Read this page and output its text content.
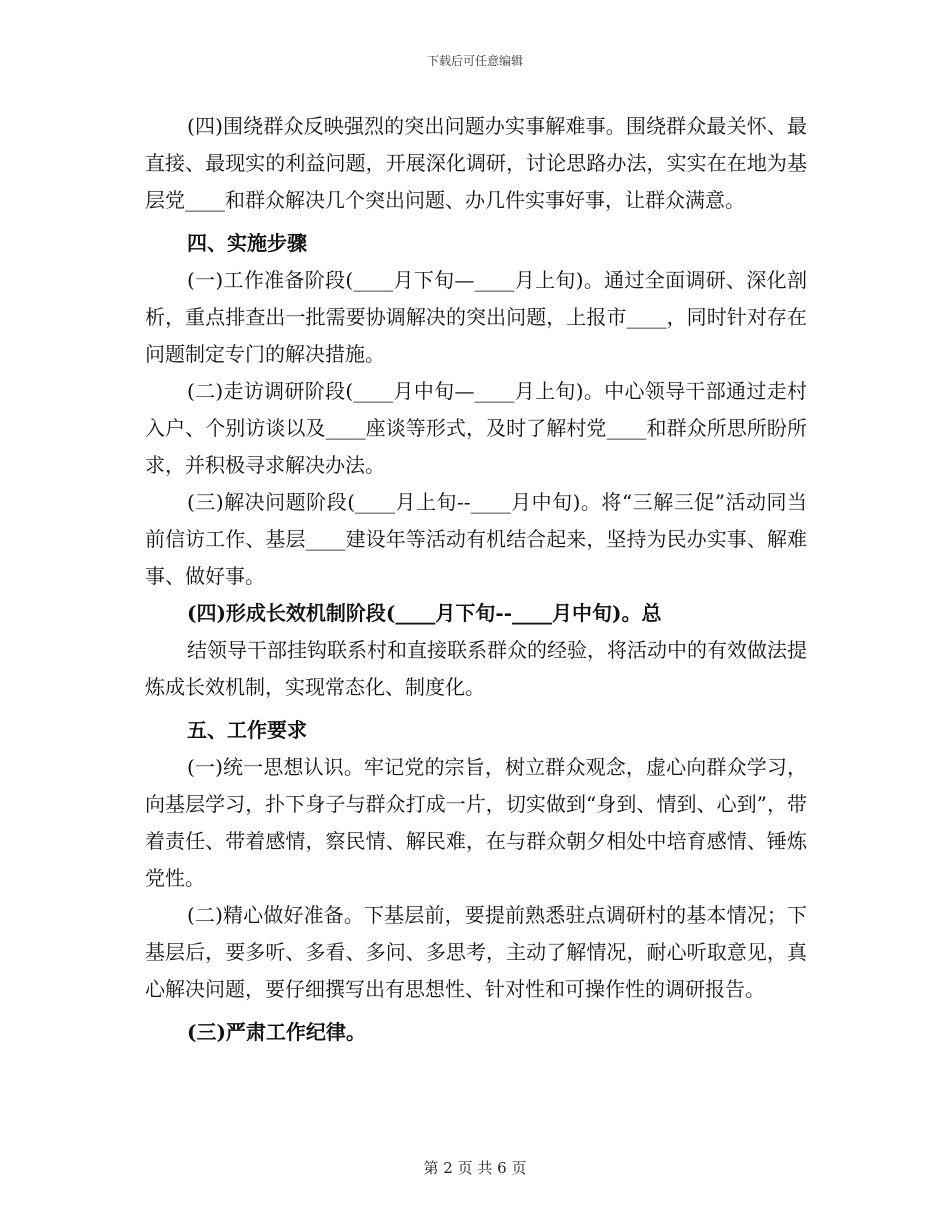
下载后可任意编辑

(四)围绕群众反映强烈的突出问题办实事解难事。围绕群众最关怀、最直接、最现实的利益问题，开展深化调研，讨论思路办法，实实在在地为基层党____和群众解决几个突出问题、办几件实事好事，让群众满意。

四、实施步骤

(一)工作准备阶段(____月下旬—____月上旬)。通过全面调研、深化剖析，重点排查出一批需要协调解决的突出问题，上报市____，同时针对存在问题制定专门的解决措施。

(二)走访调研阶段(____月中旬—____月上旬)。中心领导干部通过走村入户、个别访谈以及____座谈等形式，及时了解村党____和群众所思所盼所求，并积极寻求解决办法。

(三)解决问题阶段(____月上旬--____月中旬)。将“三解三促”活动同当前信访工作、基层____建设年等活动有机结合起来，坚持为民办实事、解难事、做好事。

(四)形成长效机制阶段(____月下旬--____月中旬)。总

结领导干部挂钩联系村和直接联系群众的经验，将活动中的有效做法提炼成长效机制，实现常态化、制度化。

五、工作要求

(一)统一思想认识。牢记党的宗旨，树立群众观念，虚心向群众学习，向基层学习，扑下身子与群众打成一片，切实做到“身到、情到、心到”，带着责任、带着感情，察民情、解民难，在与群众朝夕相处中培育感情、锤炼党性。

(二)精心做好准备。下基层前，要提前熟悉驻点调研村的基本情况；下基层后，要多听、多看、多问、多思考，主动了解情况，耐心听取意见，真心解决问题，要仔细撰写出有思想性、针对性和可操作性的调研报告。

(三)严肃工作纪律。

第 2 页 共 6 页
